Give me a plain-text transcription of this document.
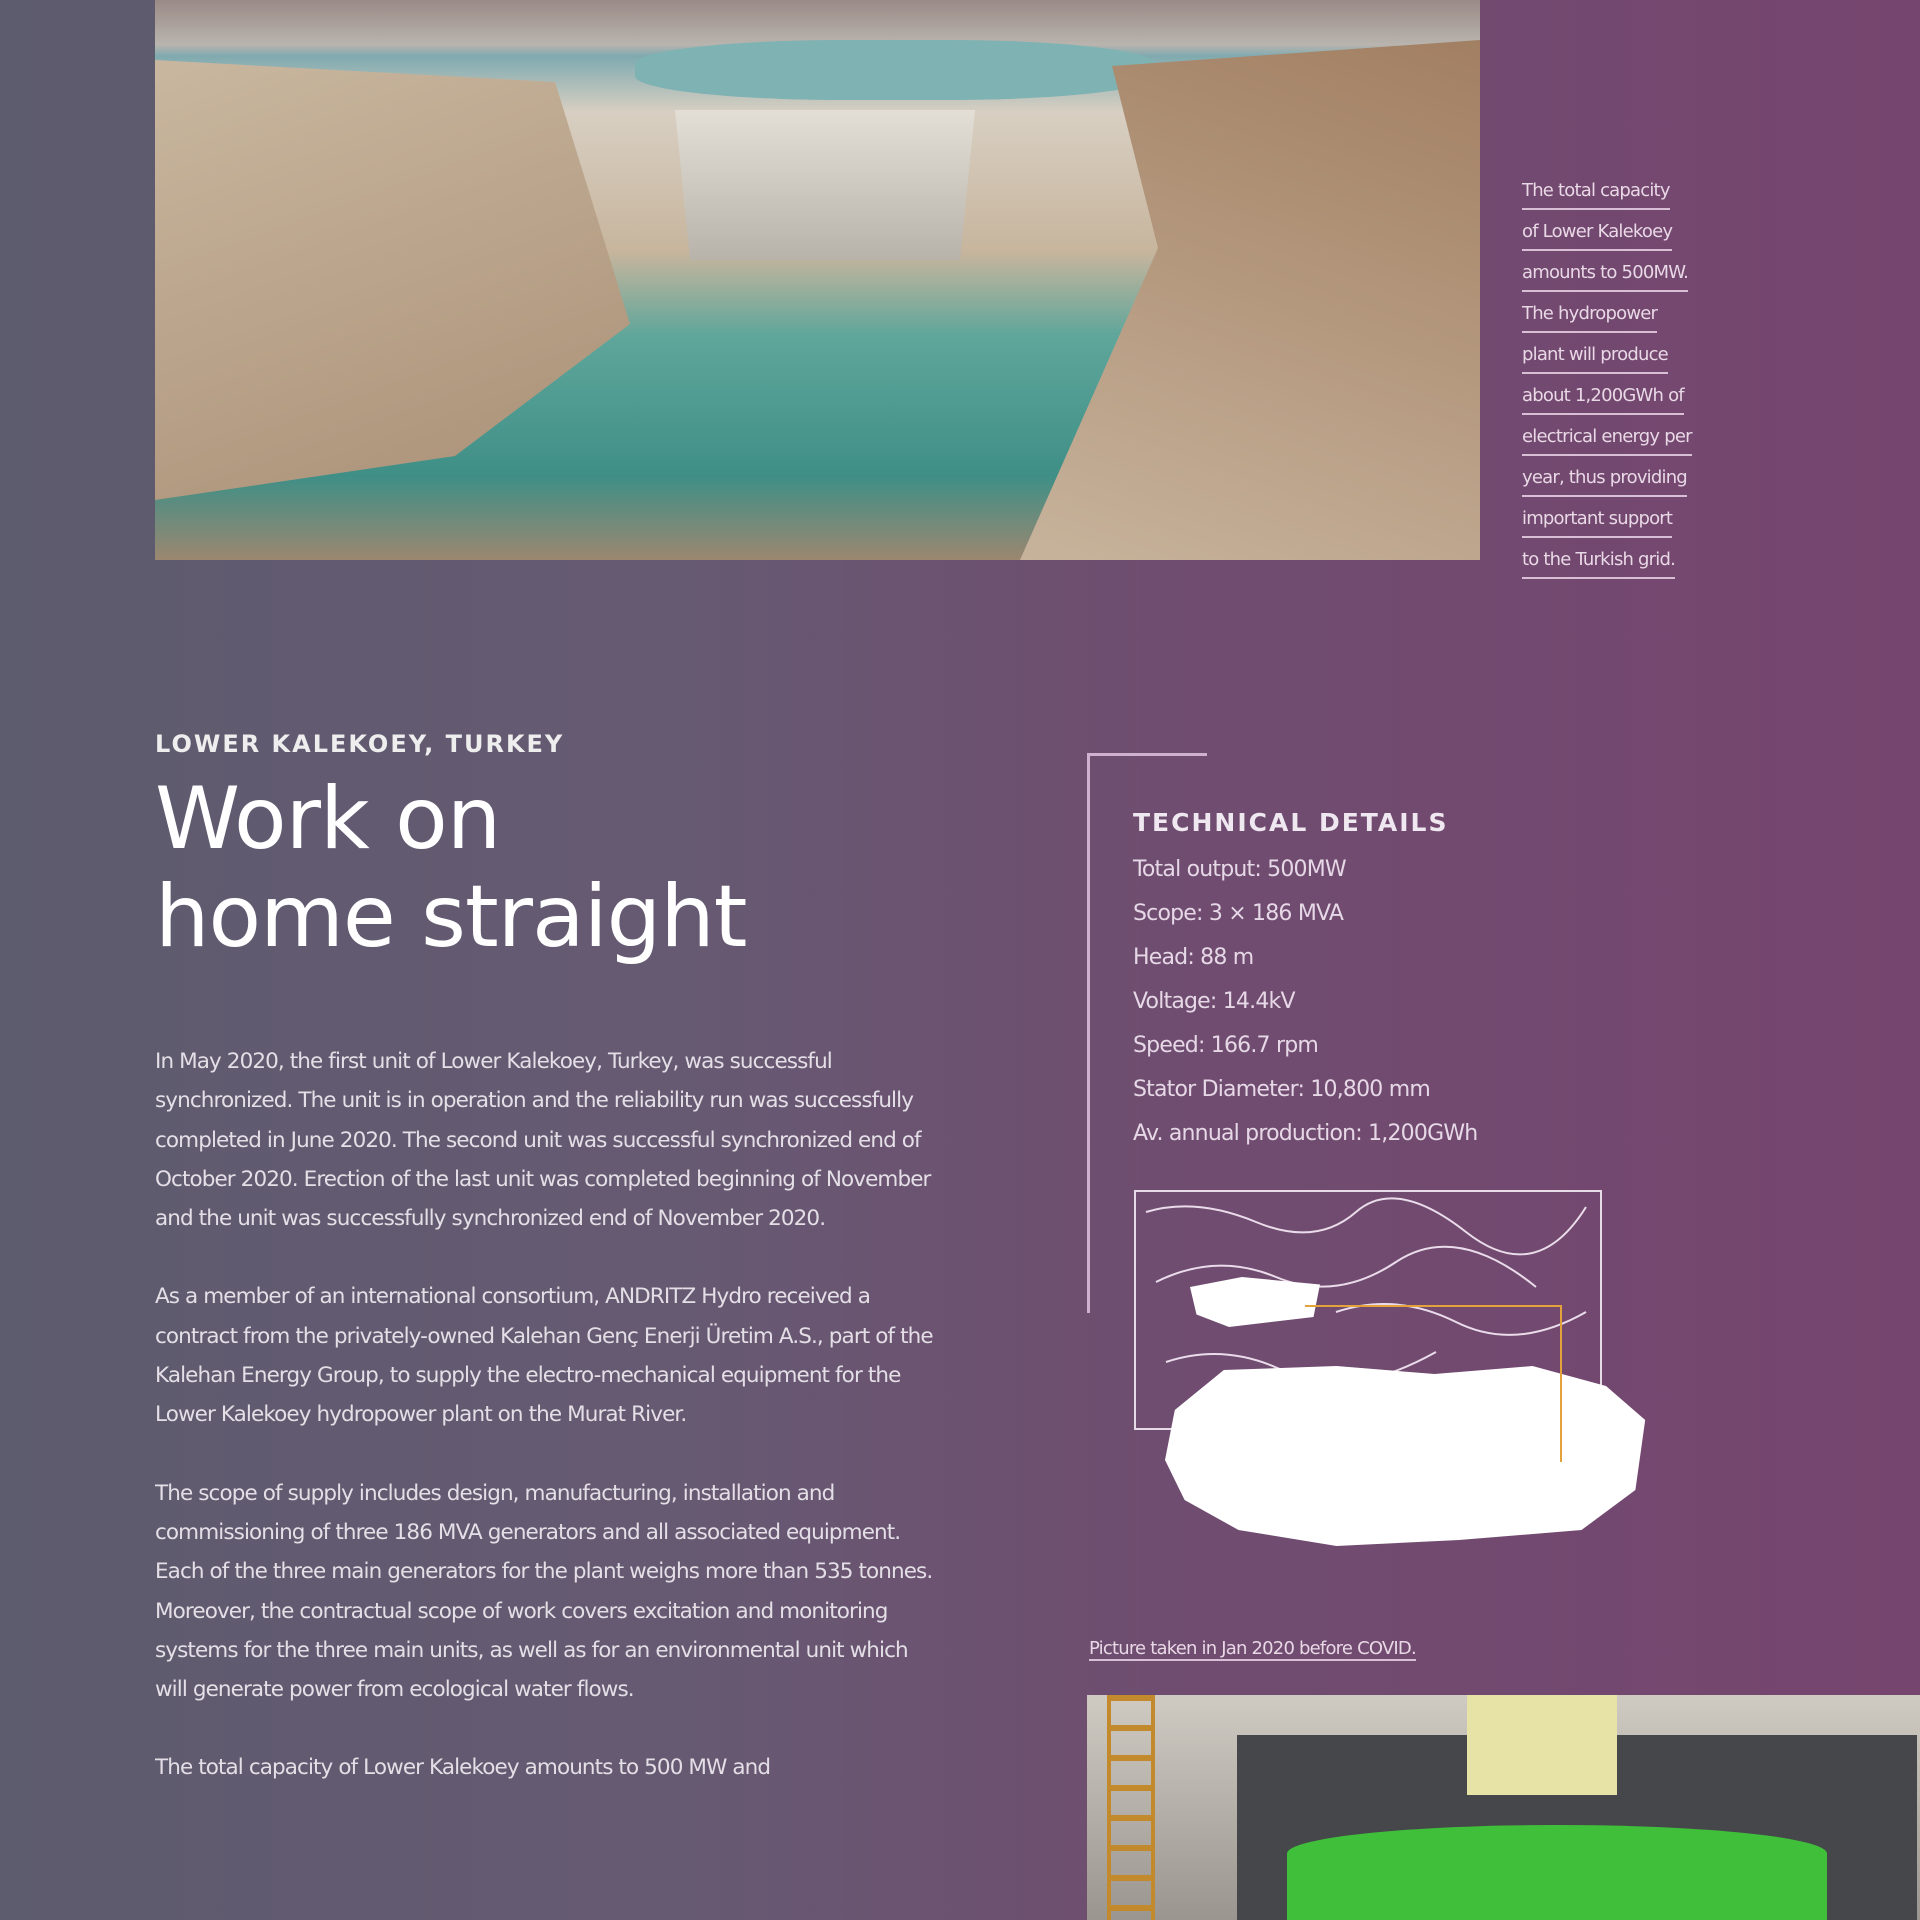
The total capacity
of Lower Kalekoey
amounts to 500MW.
The hydropower
plant will produce
about 1,200GWh of
electrical energy per
year, thus providing
important support
to the Turkish grid.
LOWER KALEKOEY, TURKEY
Work on
home straight

In May 2020, the first unit of Lower Kalekoey, Turkey, was successful synchronized. The unit is in operation and the reliability run was successfully completed in June 2020. The second unit was successful synchronized end of October 2020. Erection of the last unit was completed beginning of November and the unit was successfully synchronized end of November 2020.

As a member of an international consortium, ANDRITZ Hydro received a contract from the privately-owned Kalehan Genç Enerji Üretim A.S., part of the Kalehan Energy Group, to supply the electro-mechanical equipment for the Lower Kalekoey hydropower plant on the Murat River.

The scope of supply includes design, manufacturing, installation and commissioning of three 186 MVA generators and all associated equipment. Each of the three main generators for the plant weighs more than 535 tonnes. Moreover, the contractual scope of work covers excitation and monitoring systems for the three main units, as well as for an environmental unit which will generate power from ecological water flows.

The total capacity of Lower Kalekoey amounts to 500 MW and

TECHNICAL DETAILS
Total output: 500MW
Scope: 3 × 186 MVA
Head: 88 m
Voltage: 14.4kV
Speed: 166.7 rpm
Stator Diameter: 10,800 mm
Av. annual production: 1,200GWh
Picture taken in Jan 2020 before COVID.
